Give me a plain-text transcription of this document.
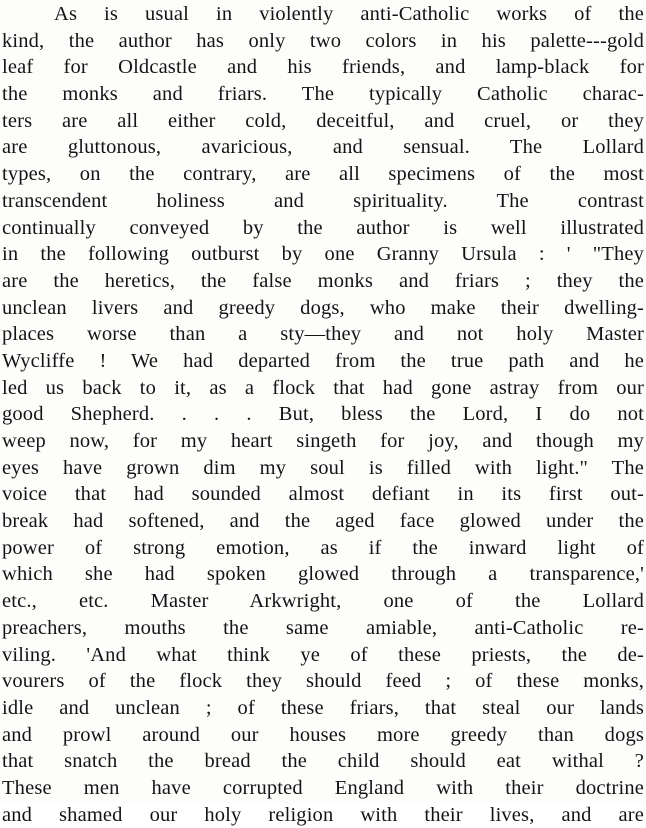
As is usual in violently anti-Catholic works of the
kind, the author has only two colors in his palette---gold
leaf for Oldcastle and his friends, and lamp-black for
the monks and friars. The typically Catholic charac-
ters are all either cold, deceitful, and cruel, or they
are gluttonous, avaricious, and sensual. The Lollard
types, on the contrary, are all specimens of the most
transcendent holiness and spirituality. The contrast
continually conveyed by the author is well illustrated
in the following outburst by one Granny Ursula : ' "They
are the heretics, the false monks and friars ; they the
unclean livers and greedy dogs, who make their dwelling-
places worse than a sty—they and not holy Master
Wycliffe ! We had departed from the true path and he
led us back to it, as a flock that had gone astray from our
good Shepherd. . . . But, bless the Lord, I do not
weep now, for my heart singeth for joy, and though my
eyes have grown dim my soul is filled with light." The
voice that had sounded almost defiant in its first out-
break had softened, and the aged face glowed under the
power of strong emotion, as if the inward light of
which she had spoken glowed through a transparence,'
etc., etc. Master Arkwright, one of the Lollard
preachers, mouths the same amiable, anti-Catholic re-
viling. 'And what think ye of these priests, the de-
vourers of the flock they should feed ; of these monks,
idle and unclean ; of these friars, that steal our lands
and prowl around our houses more greedy than dogs
that snatch the bread the child should eat withal ?
These men have corrupted England with their doctrine
and shamed our holy religion with their lives, and are
